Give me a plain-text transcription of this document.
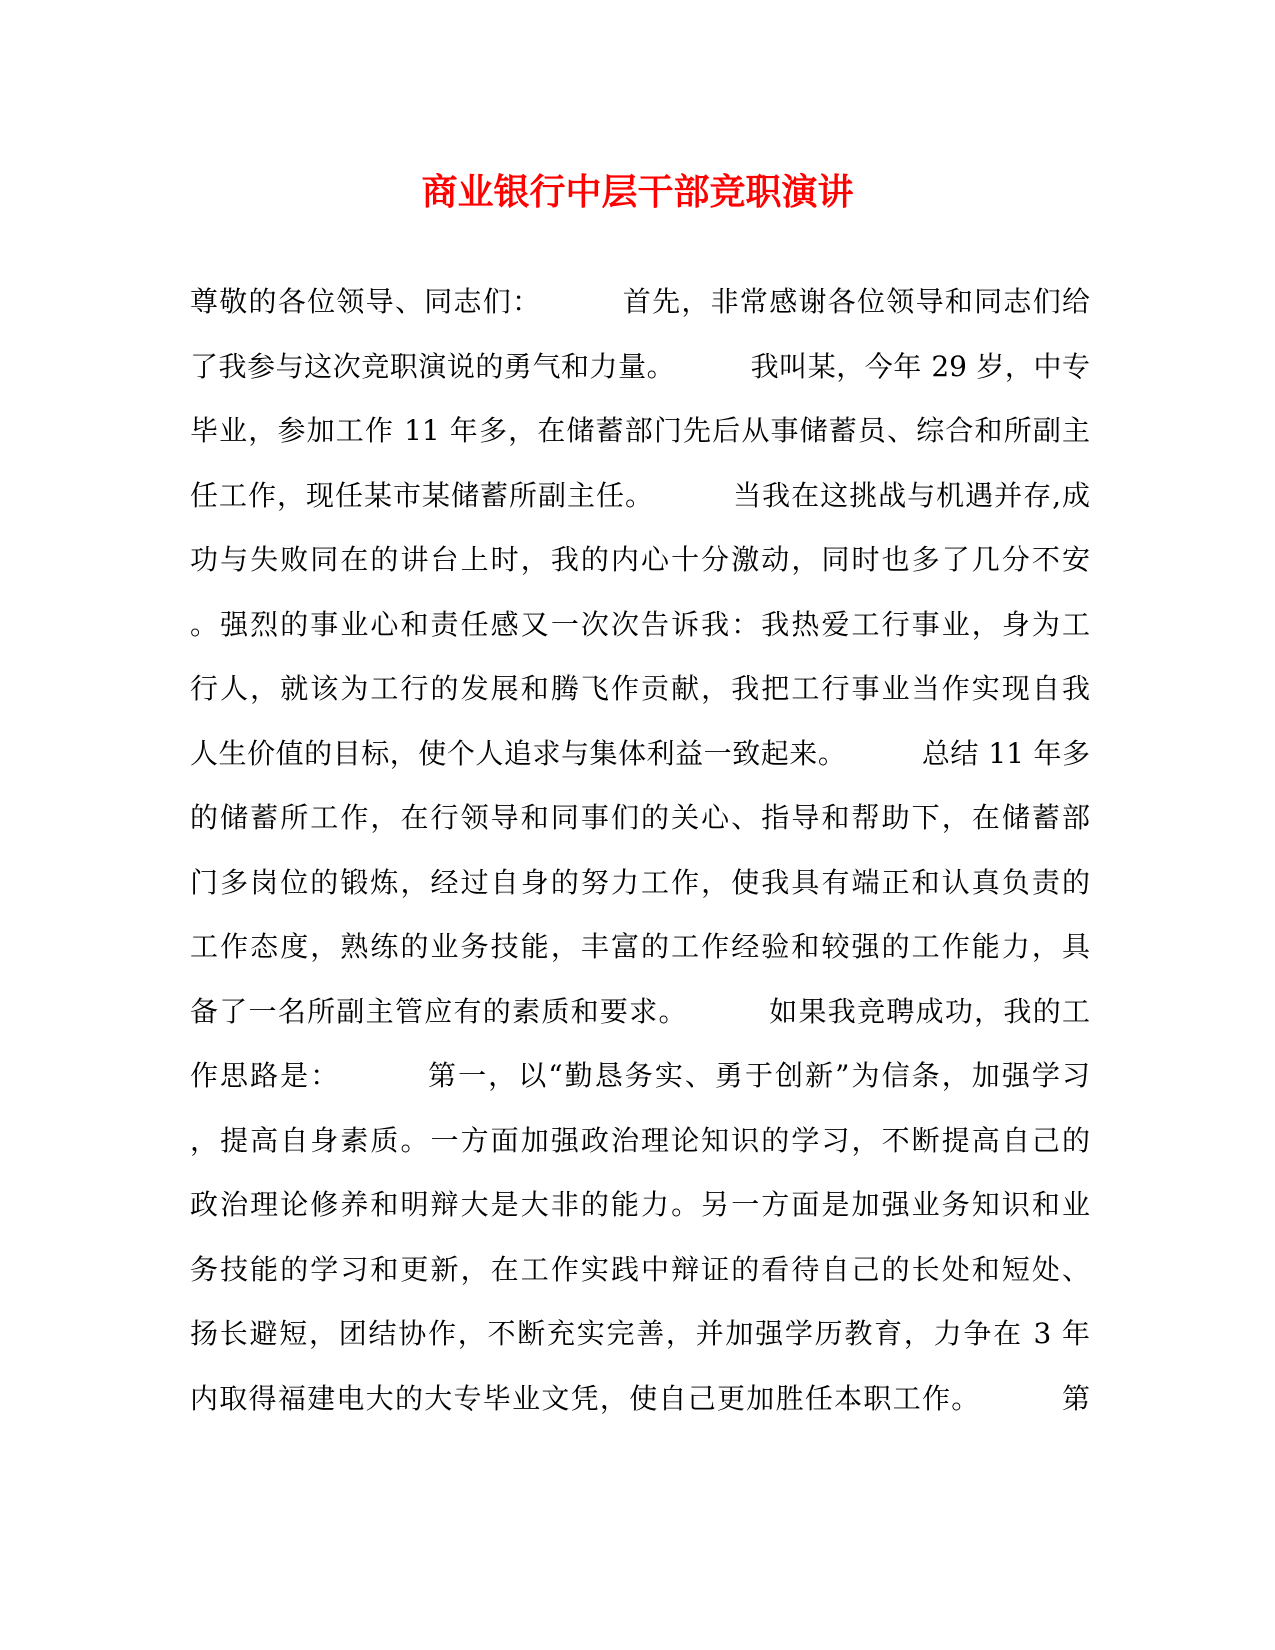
商业银行中层干部竞职演讲
尊敬的各位领导、同志们：        首先，非常感谢各位领导和同志们给
了我参与这次竞职演说的勇气和力量。        我叫某，今年 29 岁，中专
毕业，参加工作 11 年多，在储蓄部门先后从事储蓄员、综合和所副主
任工作，现任某市某储蓄所副主任。        当我在这挑战与机遇并存,成
功与失败同在的讲台上时，我的内心十分激动，同时也多了几分不安
。强烈的事业心和责任感又一次次告诉我：我热爱工行事业，身为工
行人，就该为工行的发展和腾飞作贡献，我把工行事业当作实现自我
人生价值的目标，使个人追求与集体利益一致起来。        总结 11 年多
的储蓄所工作，在行领导和同事们的关心、指导和帮助下，在储蓄部
门多岗位的锻炼，经过自身的努力工作，使我具有端正和认真负责的
工作态度，熟练的业务技能，丰富的工作经验和较强的工作能力，具
备了一名所副主管应有的素质和要求。        如果我竞聘成功，我的工
作思路是：        第一，以“勤恳务实、勇于创新”为信条，加强学习
，提高自身素质。一方面加强政治理论知识的学习，不断提高自己的
政治理论修养和明辩大是大非的能力。另一方面是加强业务知识和业
务技能的学习和更新，在工作实践中辩证的看待自己的长处和短处、
扬长避短，团结协作，不断充实完善，并加强学历教育，力争在 3 年
内取得福建电大的大专毕业文凭，使自己更加胜任本职工作。        第
